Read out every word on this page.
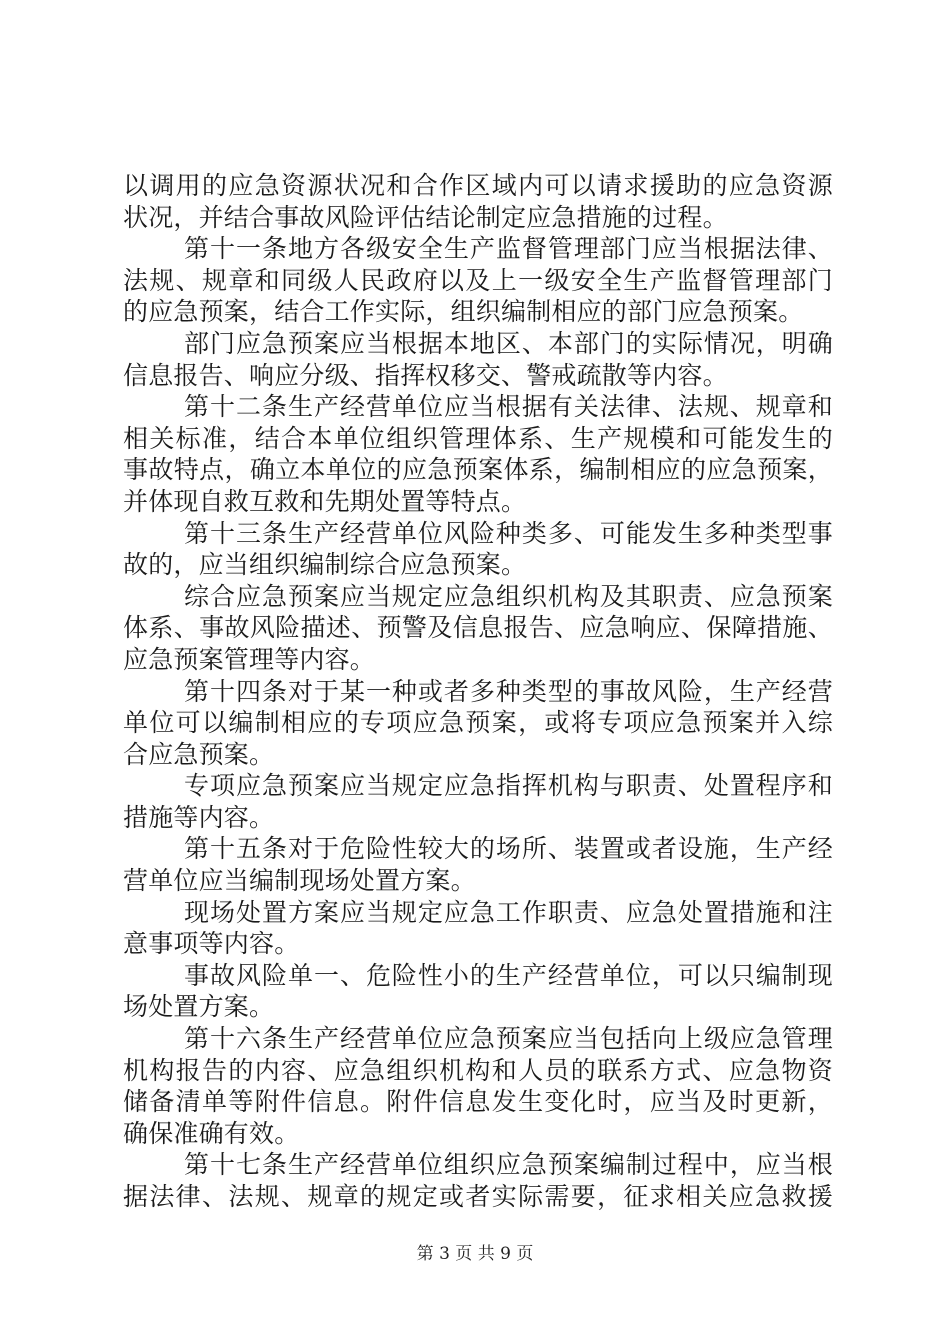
以调用的应急资源状况和合作区域内可以请求援助的应急资源
状况，并结合事故风险评估结论制定应急措施的过程。
第十一条地方各级安全生产监督管理部门应当根据法律、
法规、规章和同级人民政府以及上一级安全生产监督管理部门
的应急预案，结合工作实际，组织编制相应的部门应急预案。
部门应急预案应当根据本地区、本部门的实际情况，明确
信息报告、响应分级、指挥权移交、警戒疏散等内容。
第十二条生产经营单位应当根据有关法律、法规、规章和
相关标准，结合本单位组织管理体系、生产规模和可能发生的
事故特点，确立本单位的应急预案体系，编制相应的应急预案，
并体现自救互救和先期处置等特点。
第十三条生产经营单位风险种类多、可能发生多种类型事
故的，应当组织编制综合应急预案。
综合应急预案应当规定应急组织机构及其职责、应急预案
体系、事故风险描述、预警及信息报告、应急响应、保障措施、
应急预案管理等内容。
第十四条对于某一种或者多种类型的事故风险，生产经营
单位可以编制相应的专项应急预案，或将专项应急预案并入综
合应急预案。
专项应急预案应当规定应急指挥机构与职责、处置程序和
措施等内容。
第十五条对于危险性较大的场所、装置或者设施，生产经
营单位应当编制现场处置方案。
现场处置方案应当规定应急工作职责、应急处置措施和注
意事项等内容。
事故风险单一、危险性小的生产经营单位，可以只编制现
场处置方案。
第十六条生产经营单位应急预案应当包括向上级应急管理
机构报告的内容、应急组织机构和人员的联系方式、应急物资
储备清单等附件信息。附件信息发生变化时，应当及时更新，
确保准确有效。
第十七条生产经营单位组织应急预案编制过程中，应当根
据法律、法规、规章的规定或者实际需要，征求相关应急救援
第 3 页 共 9 页
